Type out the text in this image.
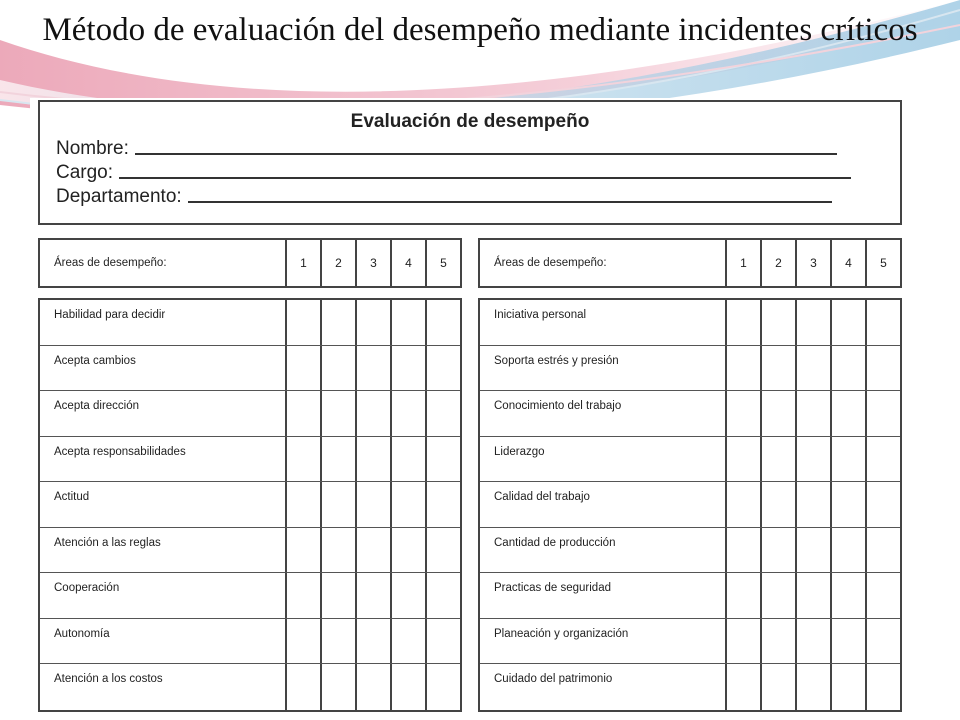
Método de evaluación del desempeño mediante incidentes críticos
Evaluación de desempeño
Nombre:
Cargo:
Departamento:
Áreas de desempeño:	1	2	3	4	5
Habilidad para decidir
Acepta cambios
Acepta dirección
Acepta responsabilidades
Actitud
Atención a las reglas
Cooperación
Autonomía
Atención a los costos
Áreas de desempeño:	1	2	3	4	5
Iniciativa personal
Soporta estrés y presión
Conocimiento del trabajo
Liderazgo
Calidad del trabajo
Cantidad de producción
Practicas de seguridad
Planeación y organización
Cuidado del patrimonio
